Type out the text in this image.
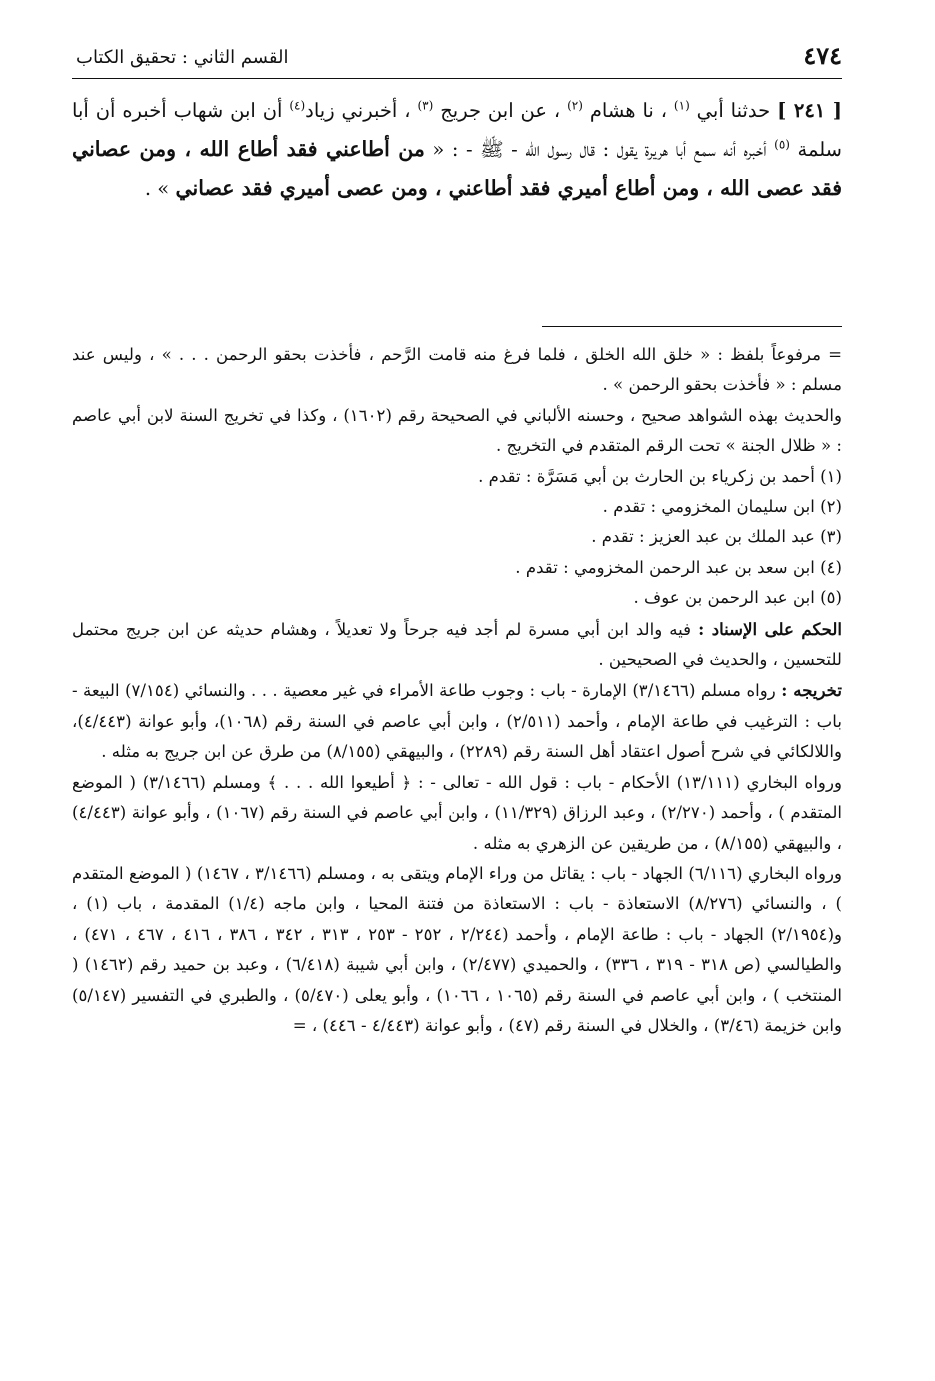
٤٧٤
القسم الثاني : تحقيق الكتاب

[ ٢٤١ ] حدثنا أبي $^{(١)}$ ، نا هشام $^{(٢)}$ ، عن ابن جريج $^{(٣)}$ ، أخبرني زياد$^{(٤)}$ أن ابن شهاب أخبره أن أبا سلمة $^{(٥)}$ أخبره أنه سمع أبا هريرة يقول : قال رسول الله - ﷺ - : « من أطاعني فقد أطاع الله ، ومن عصاني فقد عصى الله ، ومن أطاع أميري فقد أطاعني ، ومن عصى أميري فقد عصاني » .

= مرفوعاً بلفظ : « خلق الله الخلق ، فلما فرغ منه قامت الرَّحم ، فأخذت بحقو الرحمن . . . » ، وليس عند مسلم : « فأخذت بحقو الرحمن » .

والحديث بهذه الشواهد صحيح ، وحسنه الألباني في الصحيحة رقم (١٦٠٢) ، وكذا في تخريج السنة لابن أبي عاصم : « ظلال الجنة » تحت الرقم المتقدم في التخريج .

(١) أحمد بن زكرياء بن الحارث بن أبي مَسَرَّة : تقدم .

(٢) ابن سليمان المخزومي : تقدم .

(٣) عبد الملك بن عبد العزيز : تقدم .

(٤) ابن سعد بن عبد الرحمن المخزومي : تقدم .

(٥) ابن عبد الرحمن بن عوف .

الحكم على الإسناد : فيه والد ابن أبي مسرة لم أجد فيه جرحاً ولا تعديلاً ، وهشام حديثه عن ابن جريج محتمل للتحسين ، والحديث في الصحيحين .

تخريجه : رواه مسلم (٣/١٤٦٦) الإمارة - باب : وجوب طاعة الأمراء في غير معصية . . . والنسائي (٧/١٥٤) البيعة - باب : الترغيب في طاعة الإمام ، وأحمد (٢/٥١١) ، وابن أبي عاصم في السنة رقم (١٠٦٨)، وأبو عوانة (٤/٤٤٣)، واللالكائي في شرح أصول اعتقاد أهل السنة رقم (٢٢٨٩) ، والبيهقي (٨/١٥٥) من طرق عن ابن جريج به مثله .

ورواه البخاري (١٣/١١١) الأحكام - باب : قول الله - تعالى - : ﴿ أطيعوا الله . . . ﴾ ومسلم (٣/١٤٦٦) ( الموضع المتقدم ) ، وأحمد (٢/٢٧٠) ، وعبد الرزاق (١١/٣٢٩) ، وابن أبي عاصم في السنة رقم (١٠٦٧) ، وأبو عوانة (٤/٤٤٣) ، والبيهقي (٨/١٥٥) ، من طريقين عن الزهري به مثله .

ورواه البخاري (٦/١١٦) الجهاد - باب : يقاتل من وراء الإمام ويتقى به ، ومسلم (٣/١٤٦٦ ، ١٤٦٧) ( الموضع المتقدم ) ، والنسائي (٨/٢٧٦) الاستعاذة - باب : الاستعاذة من فتنة المحيا ، وابن ماجه (١/٤) المقدمة ، باب (١) ، و(٢/١٩٥٤) الجهاد - باب : طاعة الإمام ، وأحمد (٢/٢٤٤ ، ٢٥٢ - ٢٥٣ ، ٣١٣ ، ٣٤٢ ، ٣٨٦ ، ٤١٦ ، ٤٦٧ ، ٤٧١) ، والطيالسي (ص ٣١٨ - ٣١٩ ، ٣٣٦) ، والحميدي (٢/٤٧٧) ، وابن أبي شيبة (٦/٤١٨) ، وعبد بن حميد رقم (١٤٦٢) ( المنتخب ) ، وابن أبي عاصم في السنة رقم (١٠٦٥ ، ١٠٦٦) ، وأبو يعلى (٥/٤٧٠) ، والطبري في التفسير (٥/١٤٧) وابن خزيمة (٣/٤٦) ، والخلال في السنة رقم (٤٧) ، وأبو عوانة (٤/٤٤٣ - ٤٤٦) ، =
